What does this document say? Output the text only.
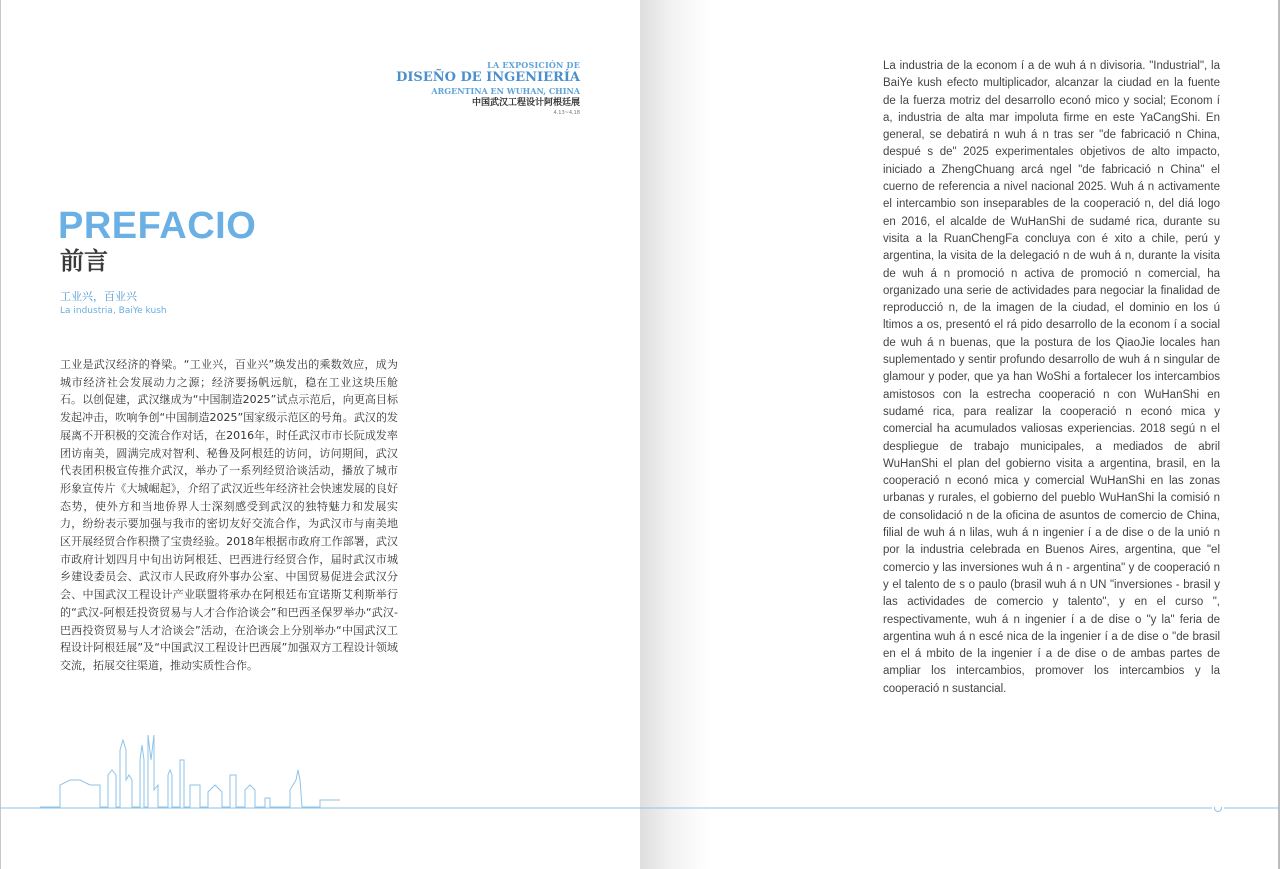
LA EXPOSICIÓN DE
DISEÑO DE INGENIERÍA
ARGENTINA EN WUHAN, CHINA
中国武汉工程设计阿根廷展
4.13~4.18
PREFACIO
前言
工业兴，百业兴
La industria, BaiYe kush
工业是武汉经济的脊梁。“工业兴，百业兴”焕发出的乘数效应，成为城市经济社会发展动力之源；经济要扬帆远航，稳在工业这块压舱石。以创促建，武汉继成为“中国制造2025”试点示范后，向更高目标发起冲击，吹响争创“中国制造2025”国家级示范区的号角。武汉的发展离不开积极的交流合作对话，在2016年，时任武汉市市长阮成发率团访南美，圆满完成对智利、秘鲁及阿根廷的访问，访问期间，武汉代表团积极宣传推介武汉，举办了一系列经贸洽谈活动，播放了城市形象宣传片《大城崛起》，介绍了武汉近些年经济社会快速发展的良好态势，使外方和当地侨界人士深刻感受到武汉的独特魅力和发展实力，纷纷表示要加强与我市的密切友好交流合作，为武汉市与南美地区开展经贸合作积攒了宝贵经验。2018年根据市政府工作部署，武汉市政府计划四月中旬出访阿根廷、巴西进行经贸合作，届时武汉市城乡建设委员会、武汉市人民政府外事办公室、中国贸易促进会武汉分会、中国武汉工程设计产业联盟将承办在阿根廷布宜诺斯艾利斯举行的“武汉-阿根廷投资贸易与人才合作洽谈会”和巴西圣保罗举办“武汉-巴西投资贸易与人才洽谈会”活动，在洽谈会上分别举办“中国武汉工程设计阿根廷展”及“中国武汉工程设计巴西展”加强双方工程设计领域交流，拓展交往渠道，推动实质性合作。
La industria de la econom í a de wuh á n divisoria. "Industrial", la BaiYe kush efecto multiplicador, alcanzar la ciudad en la fuente de la fuerza motriz del desarrollo econó mico y social; Econom í a, industria de alta mar impoluta firme en este YaCangShi. En general, se debatirá n wuh á n tras ser "de fabricació n China, despué s de" 2025 experimentales objetivos de alto impacto, iniciado a ZhengChuang arcá ngel "de fabricació n China" el cuerno de referencia a nivel nacional 2025. Wuh á n activamente el intercambio son inseparables de la cooperació n, del diá logo en 2016, el alcalde de WuHanShi de sudamé rica, durante su visita a la RuanChengFa concluya con é xito a chile, perú y argentina, la visita de la delegació n de wuh á n, durante la visita de wuh á n promoció n activa de promoció n comercial, ha organizado una serie de actividades para negociar la finalidad de reproducció n, de la imagen de la ciudad, el dominio en los ú ltimos a os, presentó el rá pido desarrollo de la econom í a social de wuh á n buenas, que la postura de los QiaoJie locales han suplementado y sentir profundo desarrollo de wuh á n singular de glamour y poder, que ya han WoShi a fortalecer los intercambios amistosos con la estrecha cooperació n con WuHanShi en sudamé rica, para realizar la cooperació n econó mica y comercial ha acumulados valiosas experiencias. 2018 segú n el despliegue de trabajo municipales, a mediados de abril WuHanShi el plan del gobierno visita a argentina, brasil, en la cooperació n econó mica y comercial WuHanShi en las zonas urbanas y rurales, el gobierno del pueblo WuHanShi la comisió n de consolidació n de la oficina de asuntos de comercio de China, filial de wuh á n lilas, wuh á n ingenier í a de dise o de la unió n por la industria celebrada en Buenos Aires, argentina, que "el comercio y las inversiones wuh á n - argentina" y de cooperació n y el talento de s o paulo (brasil wuh á n UN "inversiones - brasil y las actividades de comercio y talento", y en el curso ", respectivamente, wuh á n ingenier í a de dise o "y la" feria de argentina wuh á n escé nica de la ingenier í a de dise o "de brasil en el á mbito de la ingenier í a de dise o de ambas partes de ampliar los intercambios, promover los intercambios y la cooperació n sustancial.
